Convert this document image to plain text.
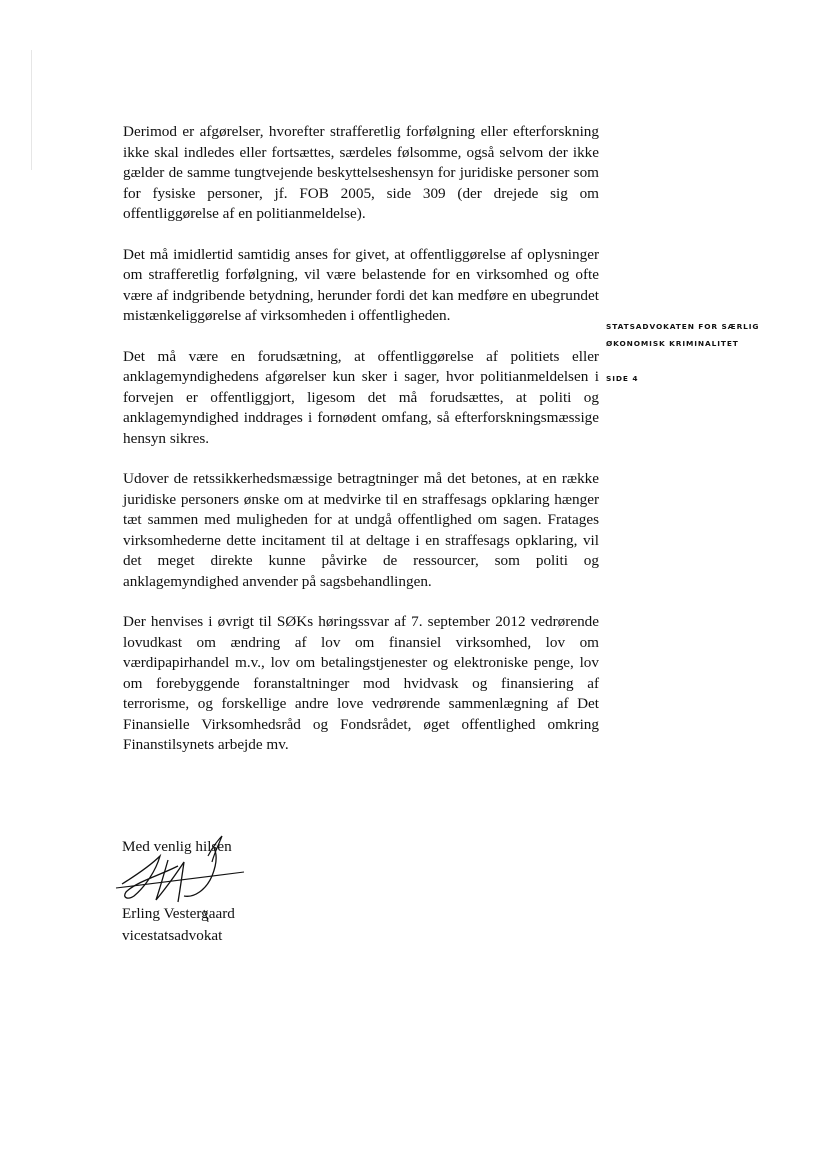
Derimod er afgørelser, hvorefter strafferetlig forfølgning eller efterforskning ikke skal indledes eller fortsættes, særdeles følsomme, også selvom der ikke gælder de samme tungtvejende beskyttelseshensyn for juridiske personer som for fysiske personer, jf. FOB 2005, side 309 (der drejede sig om offentliggørelse af en politianmeldelse).

Det må imidlertid samtidig anses for givet, at offentliggørelse af oplysninger om strafferetlig forfølgning, vil være belastende for en virksomhed og ofte være af indgribende betydning, herunder fordi det kan medføre en ubegrundet mistænkeliggørelse af virksomheden i offentligheden.

Det må være en forudsætning, at offentliggørelse af politiets eller anklagemyndighedens afgørelser kun sker i sager, hvor politianmeldelsen i forvejen er offentliggjort, ligesom det må forudsættes, at politi og anklagemyndighed inddrages i fornødent omfang, så efterforskningsmæssige hensyn sikres.

Udover de retssikkerhedsmæssige betragtninger må det betones, at en række juridiske personers ønske om at medvirke til en straffesags opklaring hænger tæt sammen med muligheden for at undgå offentlighed om sagen. Fratages virksomhederne dette incitament til at deltage i en straffesags opklaring, vil det meget direkte kunne påvirke de ressourcer, som politi og anklagemyndighed anvender på sagsbehandlingen.

Der henvises i øvrigt til SØKs høringssvar af 7. september 2012 vedrørende lovudkast om ændring af lov om finansiel virksomhed, lov om værdipapirhandel m.v., lov om betalingstjenester og elektroniske penge, lov om forebyggende foranstaltninger mod hvidvask og finansiering af terrorisme, og forskellige andre love vedrørende sammenlægning af Det Finansielle Virksomhedsråd og Fondsrådet, øget offentlighed omkring Finanstilsynets arbejde mv.

STATSADVOKATEN FOR SÆRLIG
ØKONOMISK KRIMINALITET
SIDE 4
Med venlig hilsen
Erling Vestergaard
vicestatsadvokat
